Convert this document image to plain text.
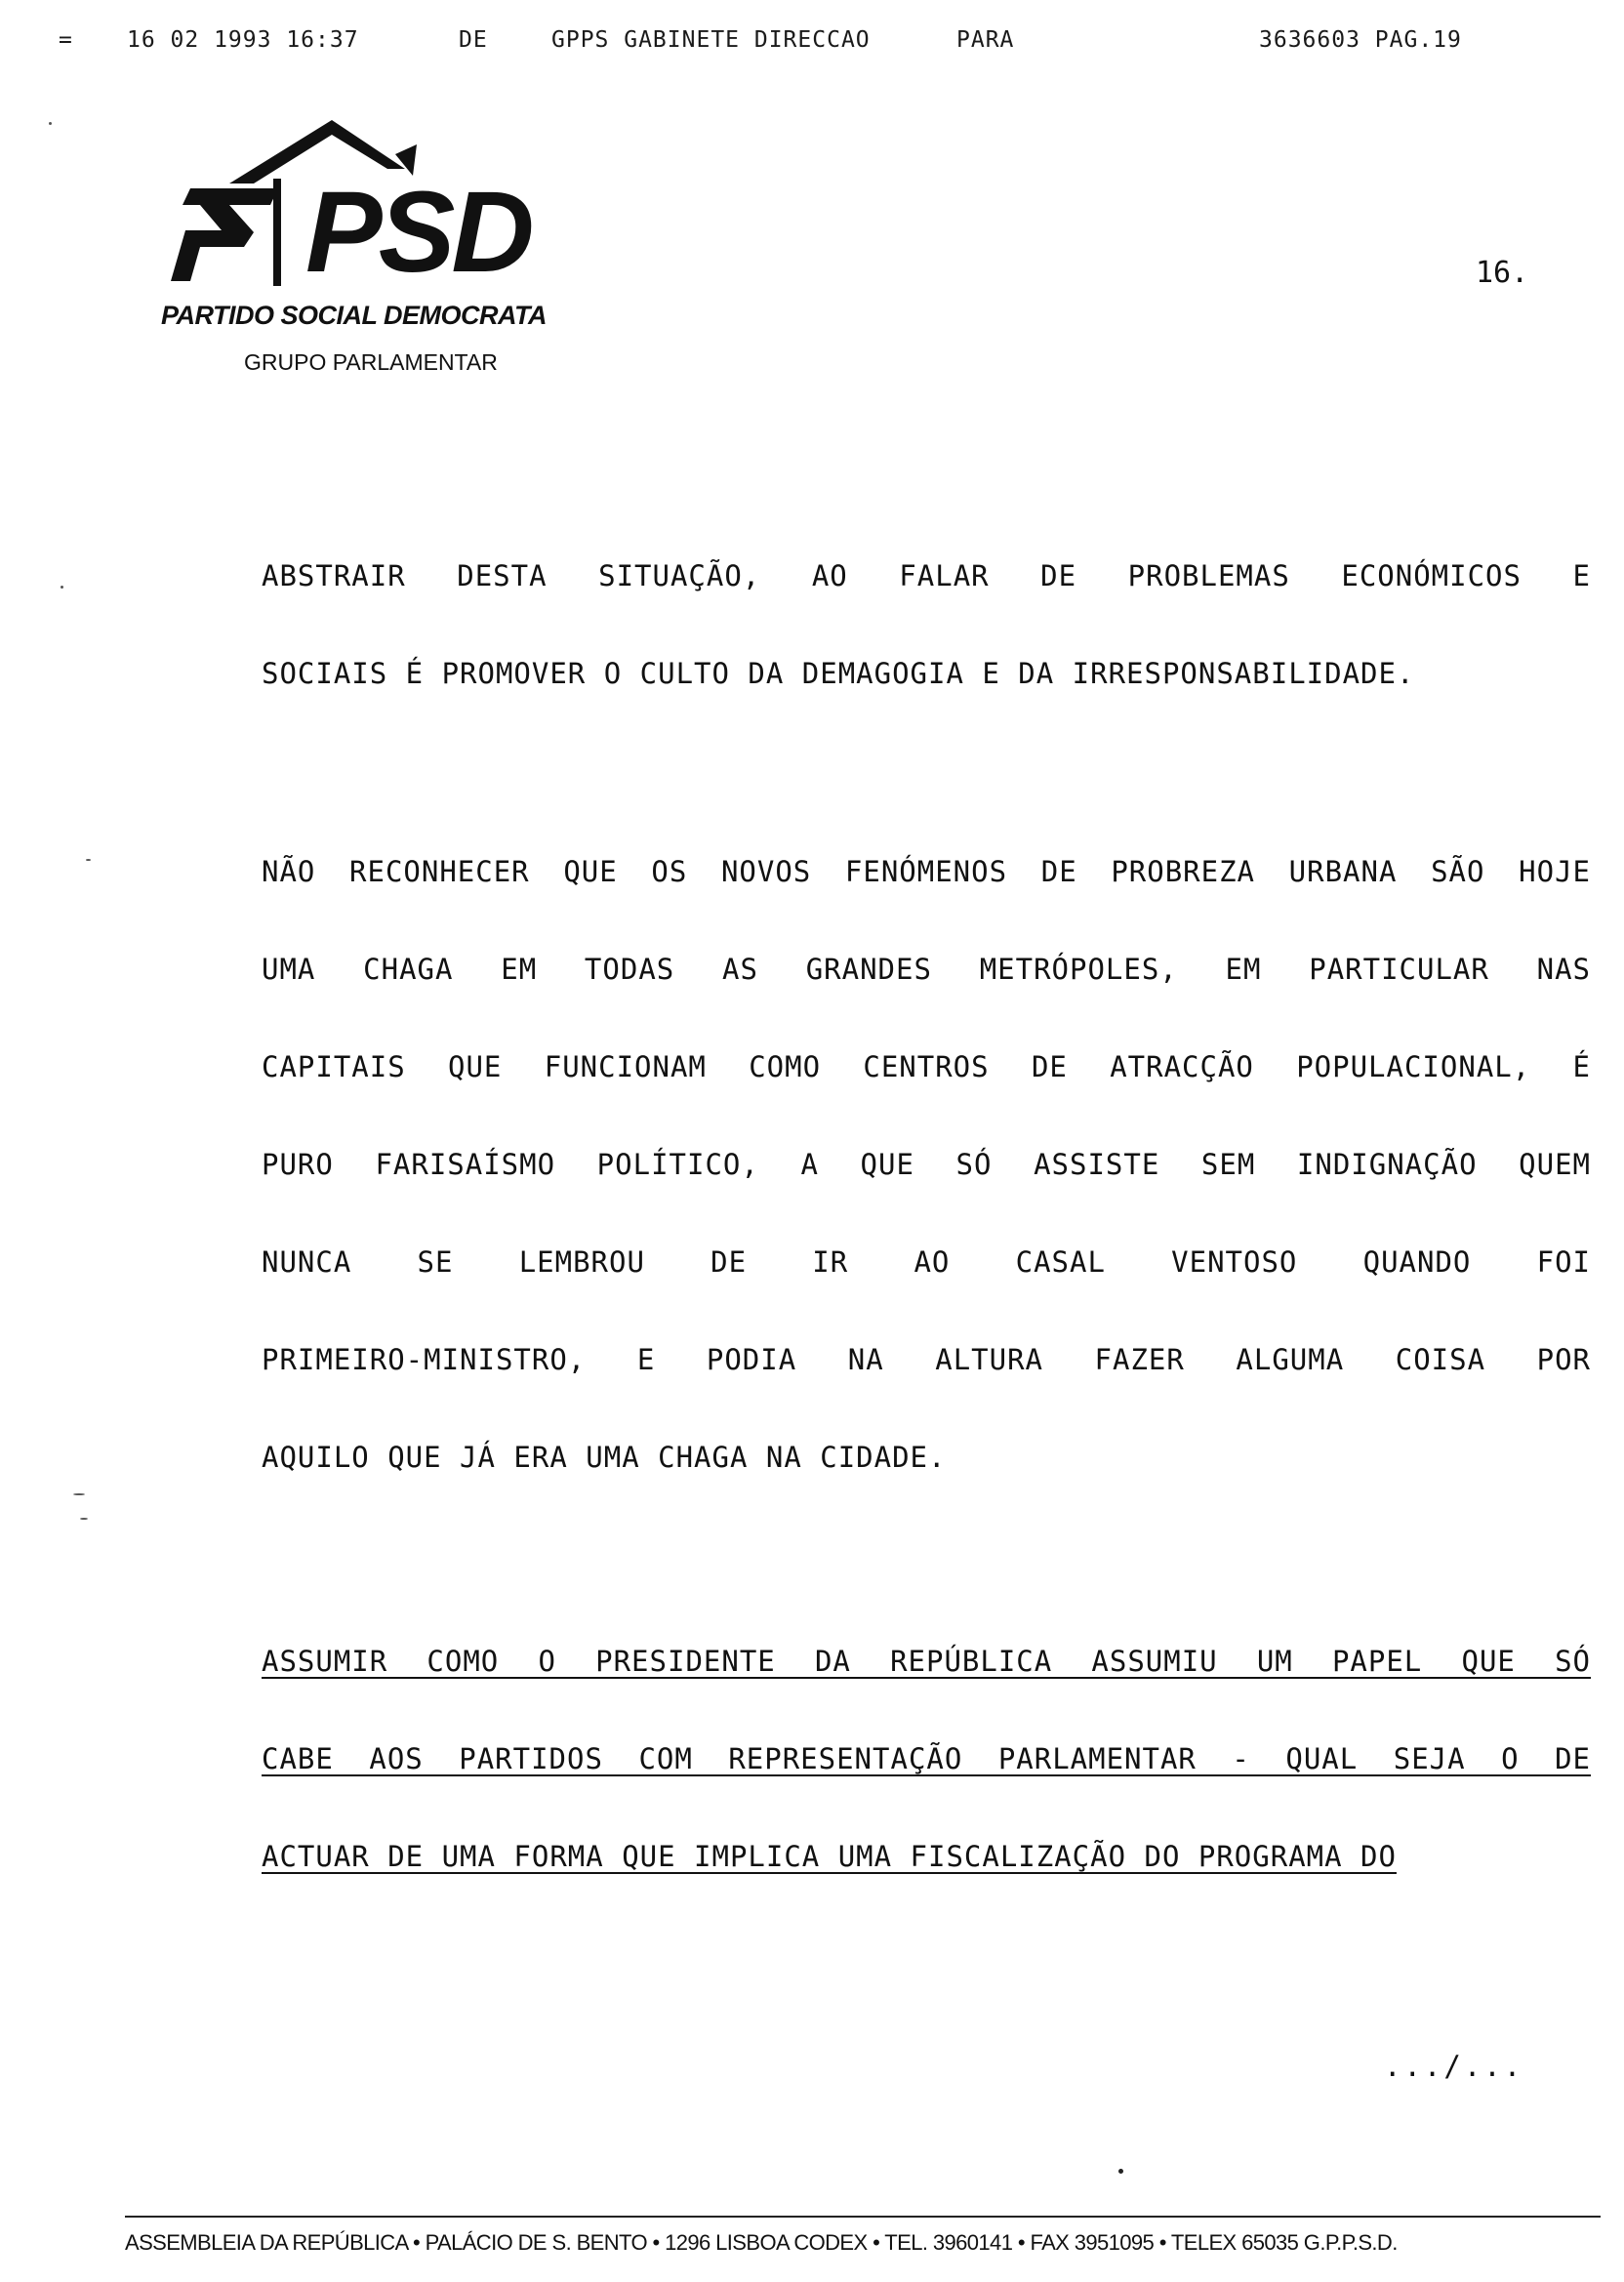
= 16 02 1993 16:37	DE	GPPS GABINETE DIRECCAO	PARA	3636603 PAG.19
PSD
PARTIDO SOCIAL DEMOCRATA
GRUPO PARLAMENTAR
16.

ABSTRAIR DESTA SITUAÇÃO, AO FALAR DE PROBLEMAS ECONÓMICOS E
SOCIAIS É PROMOVER O CULTO DA DEMAGOGIA E DA IRRESPONSABILIDADE.

NÃO RECONHECER QUE OS NOVOS FENÓMENOS DE PROBREZA URBANA SÃO HOJE
UMA CHAGA EM TODAS AS GRANDES METRÓPOLES, EM PARTICULAR NAS
CAPITAIS QUE FUNCIONAM COMO CENTROS DE ATRACÇÃO POPULACIONAL, É
PURO FARISAÍSMO POLÍTICO, A QUE SÓ ASSISTE SEM INDIGNAÇÃO QUEM
NUNCA SE LEMBROU DE IR AO CASAL VENTOSO QUANDO FOI
PRIMEIRO-MINISTRO, E PODIA NA ALTURA FAZER ALGUMA COISA POR
AQUILO QUE JÁ ERA UMA CHAGA NA CIDADE.

ASSUMIR COMO O PRESIDENTE DA REPÚBLICA ASSUMIU UM PAPEL QUE SÓ
CABE AOS PARTIDOS COM REPRESENTAÇÃO PARLAMENTAR - QUAL SEJA O DE
ACTUAR DE UMA FORMA QUE IMPLICA UMA FISCALIZAÇÃO DO PROGRAMA DO

.../...
ASSEMBLEIA DA REPÚBLICA • PALÁCIO DE S. BENTO • 1296 LISBOA CODEX • TEL. 3960141 • FAX 3951095 • TELEX 65035 G.P.P.S.D.
